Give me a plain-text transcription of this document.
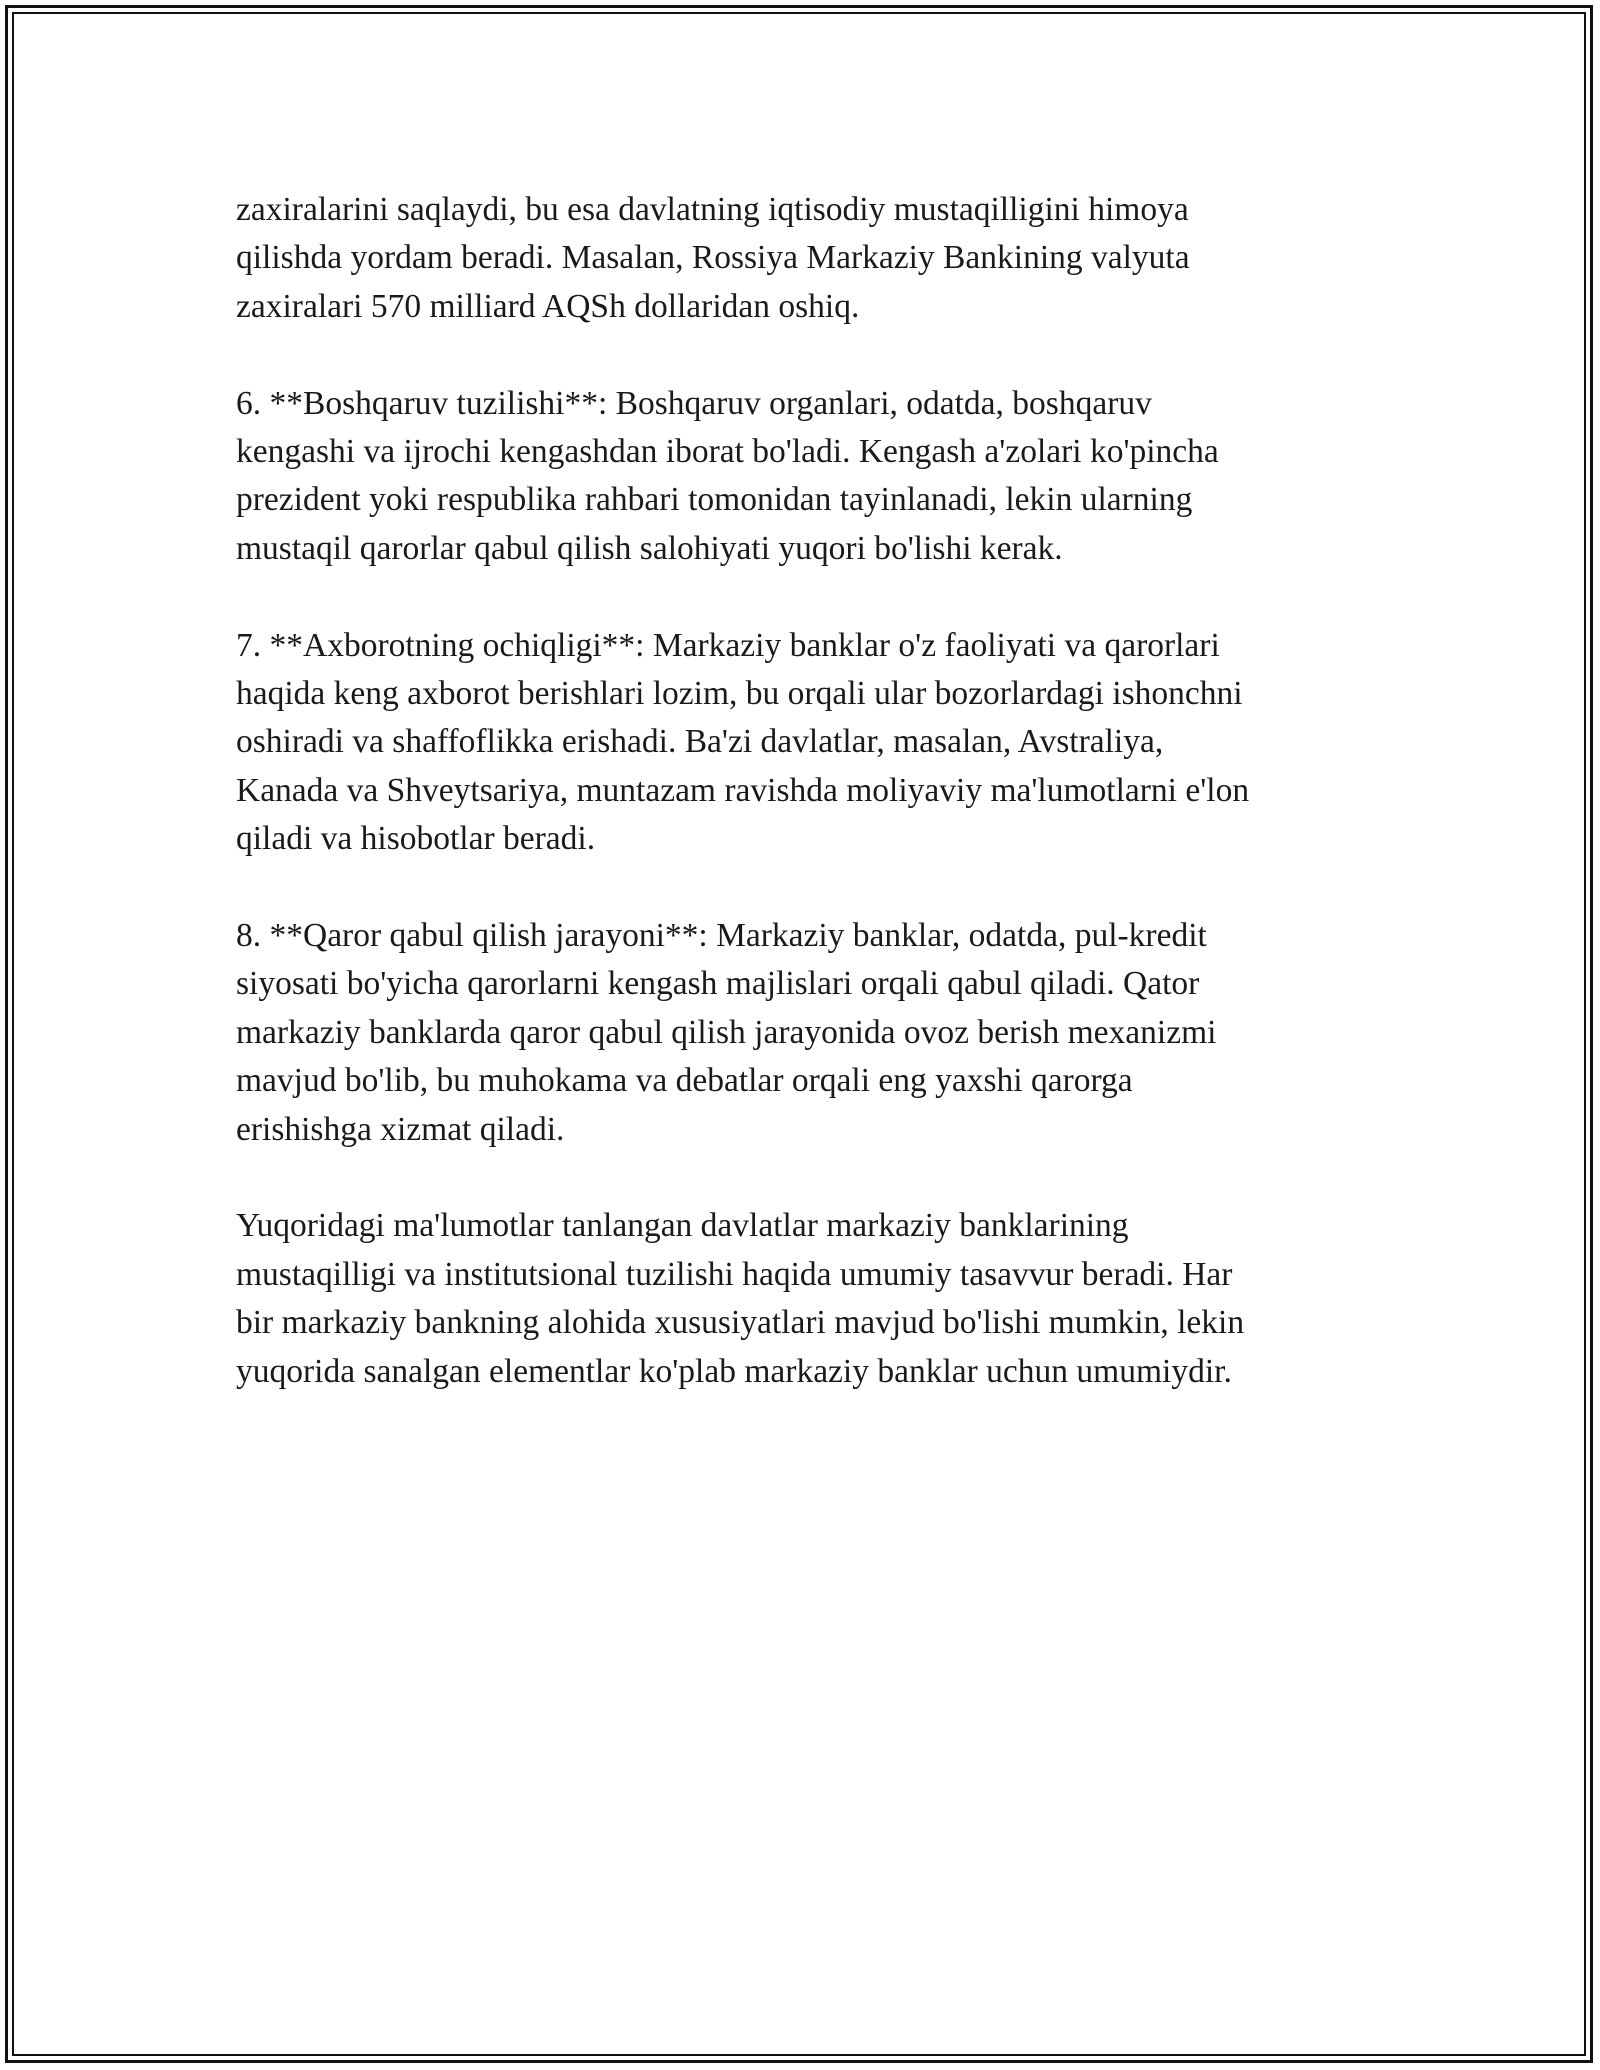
zaxiralarini saqlaydi, bu esa davlatning iqtisodiy mustaqilligini himoya
qilishda yordam beradi. Masalan, Rossiya Markaziy Bankining valyuta
zaxiralari 570 milliard AQSh dollaridan oshiq.

6. **Boshqaruv tuzilishi**: Boshqaruv organlari, odatda, boshqaruv
kengashi va ijrochi kengashdan iborat bo'ladi. Kengash a'zolari ko'pincha
prezident yoki respublika rahbari tomonidan tayinlanadi, lekin ularning
mustaqil qarorlar qabul qilish salohiyati yuqori bo'lishi kerak.

7. **Axborotning ochiqligi**: Markaziy banklar o'z faoliyati va qarorlari
haqida keng axborot berishlari lozim, bu orqali ular bozorlardagi ishonchni
oshiradi va shaffoflikka erishadi. Ba'zi davlatlar, masalan, Avstraliya,
Kanada va Shveytsariya, muntazam ravishda moliyaviy ma'lumotlarni e'lon
qiladi va hisobotlar beradi.

8. **Qaror qabul qilish jarayoni**: Markaziy banklar, odatda, pul-kredit
siyosati bo'yicha qarorlarni kengash majlislari orqali qabul qiladi. Qator
markaziy banklarda qaror qabul qilish jarayonida ovoz berish mexanizmi
mavjud bo'lib, bu muhokama va debatlar orqali eng yaxshi qarorga
erishishga xizmat qiladi.

Yuqoridagi ma'lumotlar tanlangan davlatlar markaziy banklarining
mustaqilligi va institutsional tuzilishi haqida umumiy tasavvur beradi. Har
bir markaziy bankning alohida xususiyatlari mavjud bo'lishi mumkin, lekin
yuqorida sanalgan elementlar ko'plab markaziy banklar uchun umumiydir.
